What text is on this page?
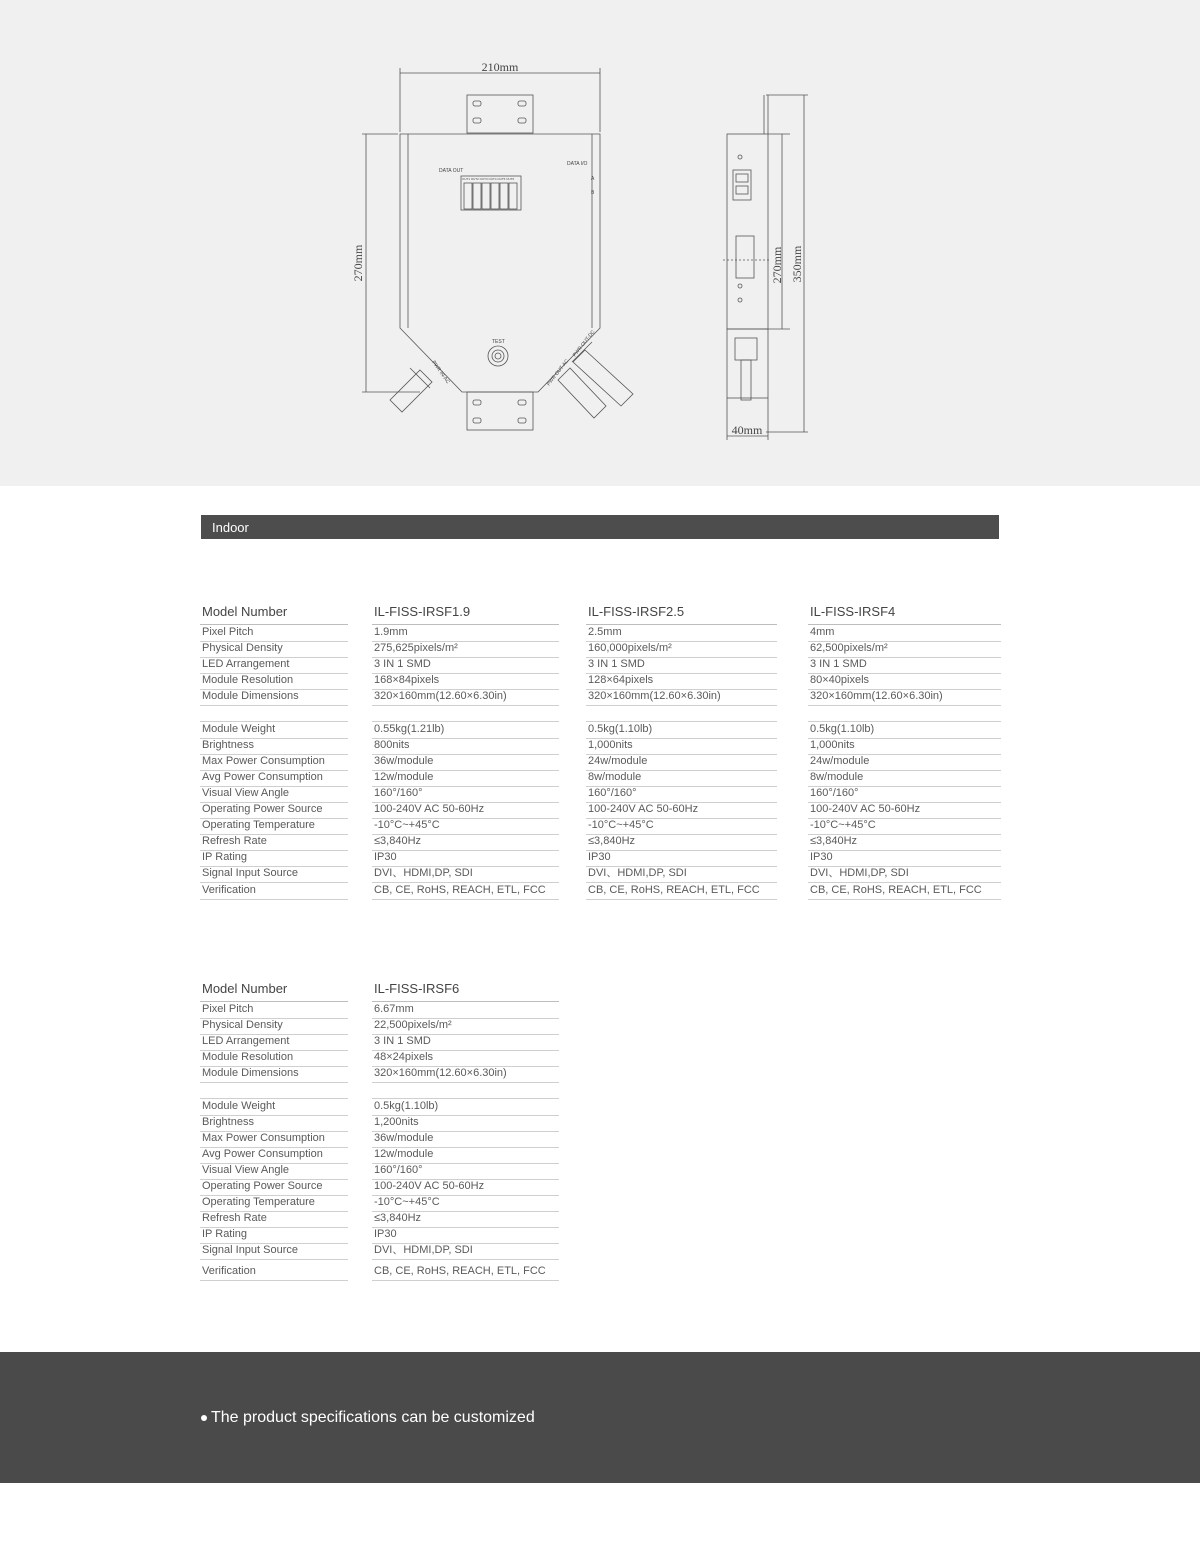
210mm
270mm
DATA OUT
OUT1 OUT2 OUT3 OUT4 OUT5 OUT6
DATA I/O
A
B
TEST
PWR IN-AC	PWR OUT-AC
PWR OUT-DC
270mm 350mm
40mm
Indoor
Model Number
Pixel Pitch
Physical Density
LED Arrangement
Module Resolution
Module Dimensions
Module Weight
Brightness
Max Power Consumption
Avg Power Consumption
Visual View Angle
Operating Power Source
Operating Temperature
Refresh Rate
IP Rating
Signal Input Source
Verification
IL-FISS-IRSF1.9
1.9mm
275,625pixels/m²
3 IN 1 SMD
168×84pixels
320×160mm(12.60×6.30in)
0.55kg(1.21lb)
800nits
36w/module
12w/module
160°/160°
100-240V AC 50-60Hz
-10°C~+45°C
≤3,840Hz
IP30
DVI、HDMI,DP, SDI
CB, CE, RoHS, REACH, ETL, FCC
IL-FISS-IRSF2.5
2.5mm
160,000pixels/m²
3 IN 1 SMD
128×64pixels
320×160mm(12.60×6.30in)
0.5kg(1.10lb)
1,000nits
24w/module
8w/module
160°/160°
100-240V AC 50-60Hz
-10°C~+45°C
≤3,840Hz
IP30
DVI、HDMI,DP, SDI
CB, CE, RoHS, REACH, ETL, FCC
IL-FISS-IRSF4
4mm
62,500pixels/m²
3 IN 1 SMD
80×40pixels
320×160mm(12.60×6.30in)
0.5kg(1.10lb)
1,000nits
24w/module
8w/module
160°/160°
100-240V AC 50-60Hz
-10°C~+45°C
≤3,840Hz
IP30
DVI、HDMI,DP, SDI
CB, CE, RoHS, REACH, ETL, FCC
Model Number
Pixel Pitch
Physical Density
LED Arrangement
Module Resolution
Module Dimensions
Module Weight
Brightness
Max Power Consumption
Avg Power Consumption
Visual View Angle
Operating Power Source
Operating Temperature
Refresh Rate
IP Rating
Signal Input Source
Verification
IL-FISS-IRSF6
6.67mm
22,500pixels/m²
3 IN 1 SMD
48×24pixels
320×160mm(12.60×6.30in)
0.5kg(1.10lb)
1,200nits
36w/module
12w/module
160°/160°
100-240V AC 50-60Hz
-10°C~+45°C
≤3,840Hz
IP30
DVI、HDMI,DP, SDI
CB, CE, RoHS, REACH, ETL, FCC
The product specifications can be customized
